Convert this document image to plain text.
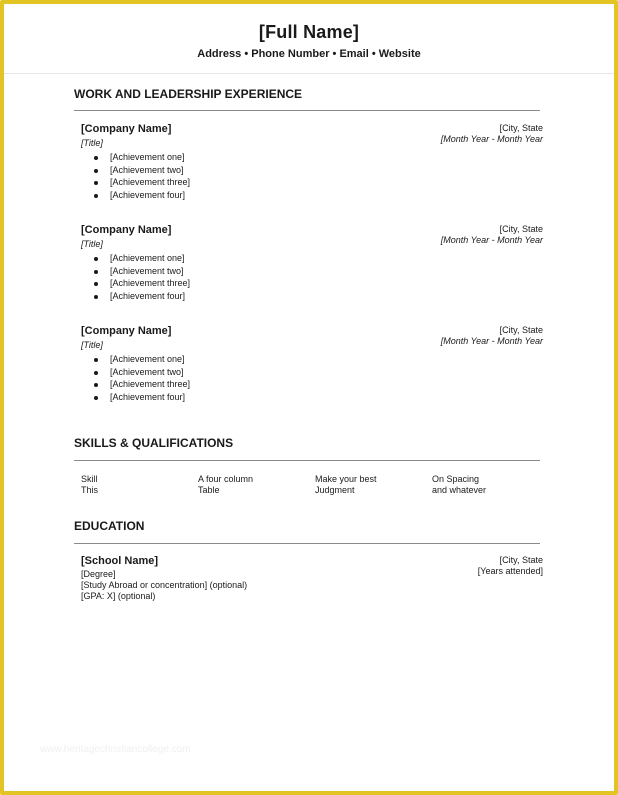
[Full Name]
Address • Phone Number • Email • Website
WORK AND LEADERSHIP EXPERIENCE
[Company Name]
[Title]
[City, State
[Month Year - Month Year
[Achievement one]
[Achievement two]
[Achievement three]
[Achievement four]
[Company Name]
[Title]
[City, State
[Month Year - Month Year
[Achievement one]
[Achievement two]
[Achievement three]
[Achievement four]
[Company Name]
[Title]
[City, State
[Month Year - Month Year
[Achievement one]
[Achievement two]
[Achievement three]
[Achievement four]
SKILLS & QUALIFICATIONS
Skill
This
A four column
Table
Make your best
Judgment
On Spacing
and whatever
EDUCATION
[School Name]
[Degree]
[Study Abroad or concentration] (optional)
[GPA: X] (optional)
[City, State
[Years attended]
www.heritagechristiancollege.com
